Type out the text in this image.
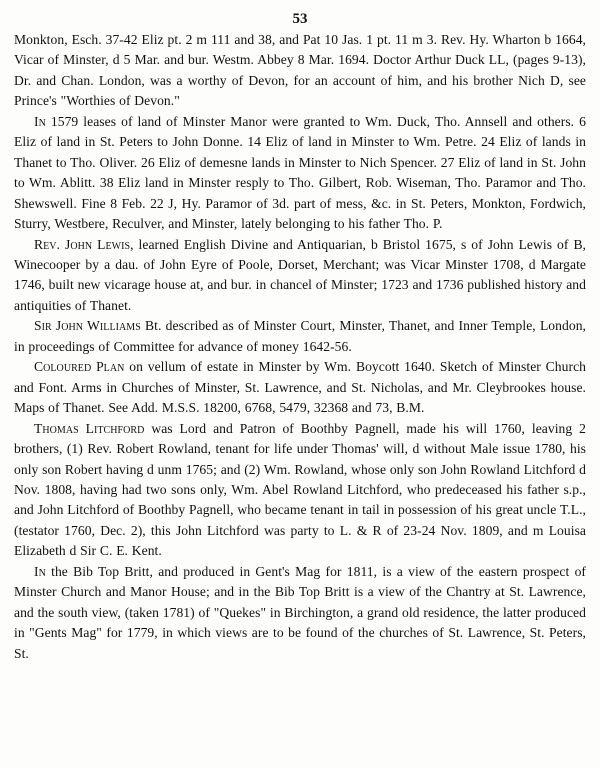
53

Monkton, Esch. 37-42 Eliz pt. 2 m 111 and 38, and Pat 10 Jas. 1 pt. 11 m 3. Rev. Hy. Wharton b 1664, Vicar of Minster, d 5 Mar. and bur. Westm. Abbey 8 Mar. 1694. Doctor Arthur Duck LL, (pages 9-13), Dr. and Chan. London, was a worthy of Devon, for an account of him, and his brother Nich D, see Prince's "Worthies of Devon."

In 1579 leases of land of Minster Manor were granted to Wm. Duck, Tho. Annsell and others. 6 Eliz of land in St. Peters to John Donne. 14 Eliz of land in Minster to Wm. Petre. 24 Eliz of lands in Thanet to Tho. Oliver. 26 Eliz of demesne lands in Minster to Nich Spencer. 27 Eliz of land in St. John to Wm. Ablitt. 38 Eliz land in Minster resply to Tho. Gilbert, Rob. Wiseman, Tho. Paramor and Tho. Shewswell. Fine 8 Feb. 22 J, Hy. Paramor of 3d. part of mess, &c. in St. Peters, Monkton, Fordwich, Sturry, Westbere, Reculver, and Minster, lately belonging to his father Tho. P.

Rev. John Lewis, learned English Divine and Antiquarian, b Bristol 1675, s of John Lewis of B, Winecooper by a dau. of John Eyre of Poole, Dorset, Merchant; was Vicar Minster 1708, d Margate 1746, built new vicarage house at, and bur. in chancel of Minster; 1723 and 1736 published history and antiquities of Thanet.

Sir John Williams Bt. described as of Minster Court, Minster, Thanet, and Inner Temple, London, in proceedings of Committee for advance of money 1642-56.

Coloured Plan on vellum of estate in Minster by Wm. Boycott 1640. Sketch of Minster Church and Font. Arms in Churches of Minster, St. Lawrence, and St. Nicholas, and Mr. Cleybrookes house. Maps of Thanet. See Add. M.S.S. 18200, 6768, 5479, 32368 and 73, B.M.

Thomas Litchford was Lord and Patron of Boothby Pagnell, made his will 1760, leaving 2 brothers, (1) Rev. Robert Rowland, tenant for life under Thomas' will, d without Male issue 1780, his only son Robert having d unm 1765; and (2) Wm. Rowland, whose only son John Rowland Litchford d Nov. 1808, having had two sons only, Wm. Abel Rowland Litchford, who predeceased his father s.p., and John Litchford of Boothby Pagnell, who became tenant in tail in possession of his great uncle T.L., (testator 1760, Dec. 2), this John Litchford was party to L. & R of 23-24 Nov. 1809, and m Louisa Elizabeth d Sir C. E. Kent.

In the Bib Top Britt, and produced in Gent's Mag for 1811, is a view of the eastern prospect of Minster Church and Manor House; and in the Bib Top Britt is a view of the Chantry at St. Lawrence, and the south view, (taken 1781) of "Quekes" in Birchington, a grand old residence, the latter produced in "Gents Mag" for 1779, in which views are to be found of the churches of St. Lawrence, St. Peters, St.
